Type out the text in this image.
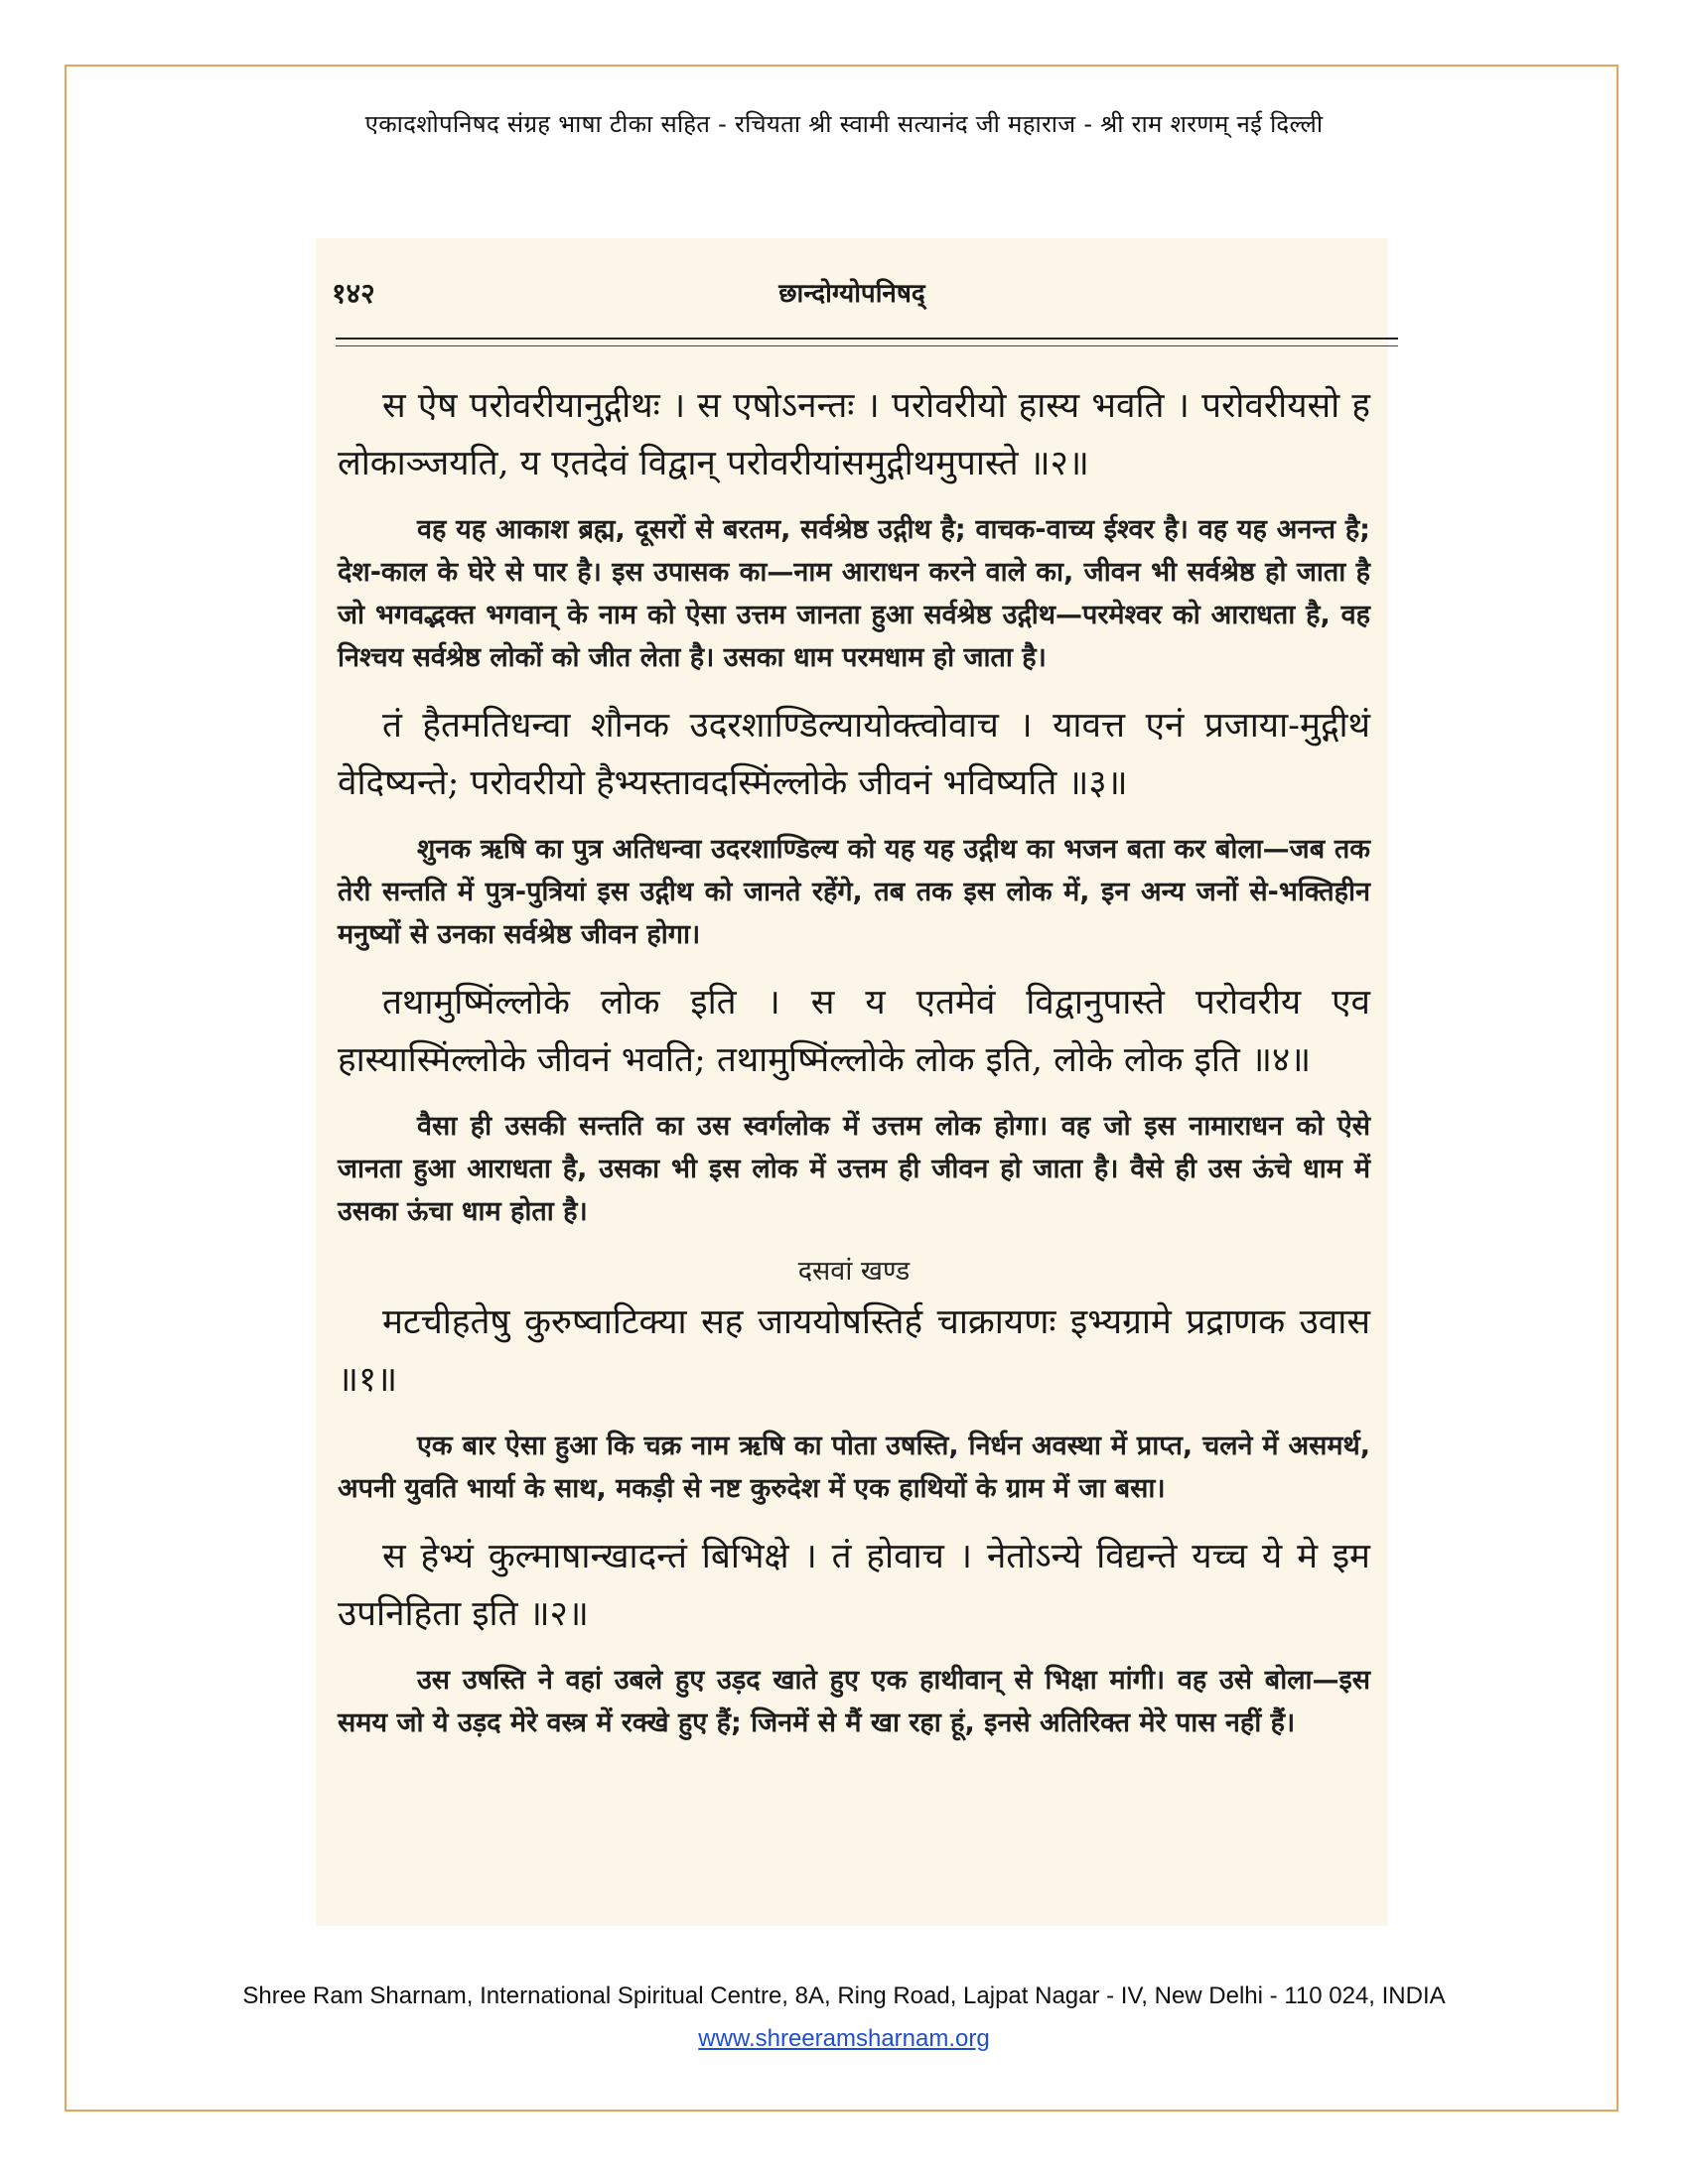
एकादशोपनिषद संग्रह भाषा टीका सहित - रचियता श्री स्वामी सत्यानंद जी महाराज - श्री राम शरणम् नई दिल्ली
१४२	छान्दोग्योपनिषद्

स ऐष परोवरीयानुद्गीथः । स एषोऽनन्तः । परोवरीयो हास्य भवति । परोवरीयसो ह लोकाञ्जयति, य एतदेवं विद्वान् परोवरीयांसमुद्गीथमुपास्ते ॥२॥

वह यह आकाश ब्रह्म, दूसरों से बरतम, सर्वश्रेष्ठ उद्गीथ है; वाचक-वाच्य ईश्वर है। वह यह अनन्त है; देश-काल के घेरे से पार है। इस उपासक का—नाम आराधन करने वाले का, जीवन भी सर्वश्रेष्ठ हो जाता है जो भगवद्भक्त भगवान् के नाम को ऐसा उत्तम जानता हुआ सर्वश्रेष्ठ उद्गीथ—परमेश्वर को आराधता है, वह निश्चय सर्वश्रेष्ठ लोकों को जीत लेता है। उसका धाम परमधाम हो जाता है।

तं हैतमतिधन्वा शौनक उदरशाण्डिल्यायोक्त्वोवाच । यावत्त एनं प्रजाया-मुद्गीथं वेदिष्यन्ते; परोवरीयो हैभ्यस्तावदस्मिंल्लोके जीवनं भविष्यति ॥३॥

शुनक ऋषि का पुत्र अतिधन्वा उदरशाण्डिल्य को यह यह उद्गीथ का भजन बता कर बोला—जब तक तेरी सन्तति में पुत्र-पुत्रियां इस उद्गीथ को जानते रहेंगे, तब तक इस लोक में, इन अन्य जनों से-भक्तिहीन मनुष्यों से उनका सर्वश्रेष्ठ जीवन होगा।

तथामुष्मिंल्लोके लोक इति । स य एतमेवं विद्वानुपास्ते परोवरीय एव हास्यास्मिंल्लोके जीवनं भवति; तथामुष्मिंल्लोके लोक इति, लोके लोक इति ॥४॥

वैसा ही उसकी सन्तति का उस स्वर्गलोक में उत्तम लोक होगा। वह जो इस नामाराधन को ऐसे जानता हुआ आराधता है, उसका भी इस लोक में उत्तम ही जीवन हो जाता है। वैसे ही उस ऊंचे धाम में उसका ऊंचा धाम होता है।

दसवां खण्ड

मटचीहतेषु कुरुष्वाटिक्या सह जाययोषस्तिर्ह चाक्रायणः इभ्यग्रामे प्रद्राणक उवास ॥१॥

एक बार ऐसा हुआ कि चक्र नाम ऋषि का पोता उषस्ति, निर्धन अवस्था में प्राप्त, चलने में असमर्थ, अपनी युवति भार्या के साथ, मकड़ी से नष्ट कुरुदेश में एक हाथियों के ग्राम में जा बसा।

स हेभ्यं कुल्माषान्खादन्तं बिभिक्षे । तं होवाच । नेतोऽन्ये विद्यन्ते यच्च ये मे इम उपनिहिता इति ॥२॥

उस उषस्ति ने वहां उबले हुए उड़द खाते हुए एक हाथीवान् से भिक्षा मांगी। वह उसे बोला—इस समय जो ये उड़द मेरे वस्त्र में रक्खे हुए हैं; जिनमें से मैं खा रहा हूं, इनसे अतिरिक्त मेरे पास नहीं हैं।

Shree Ram Sharnam, International Spiritual Centre, 8A, Ring Road, Lajpat Nagar - IV, New Delhi - 110 024, INDIA
www.shreeramsharnam.org
